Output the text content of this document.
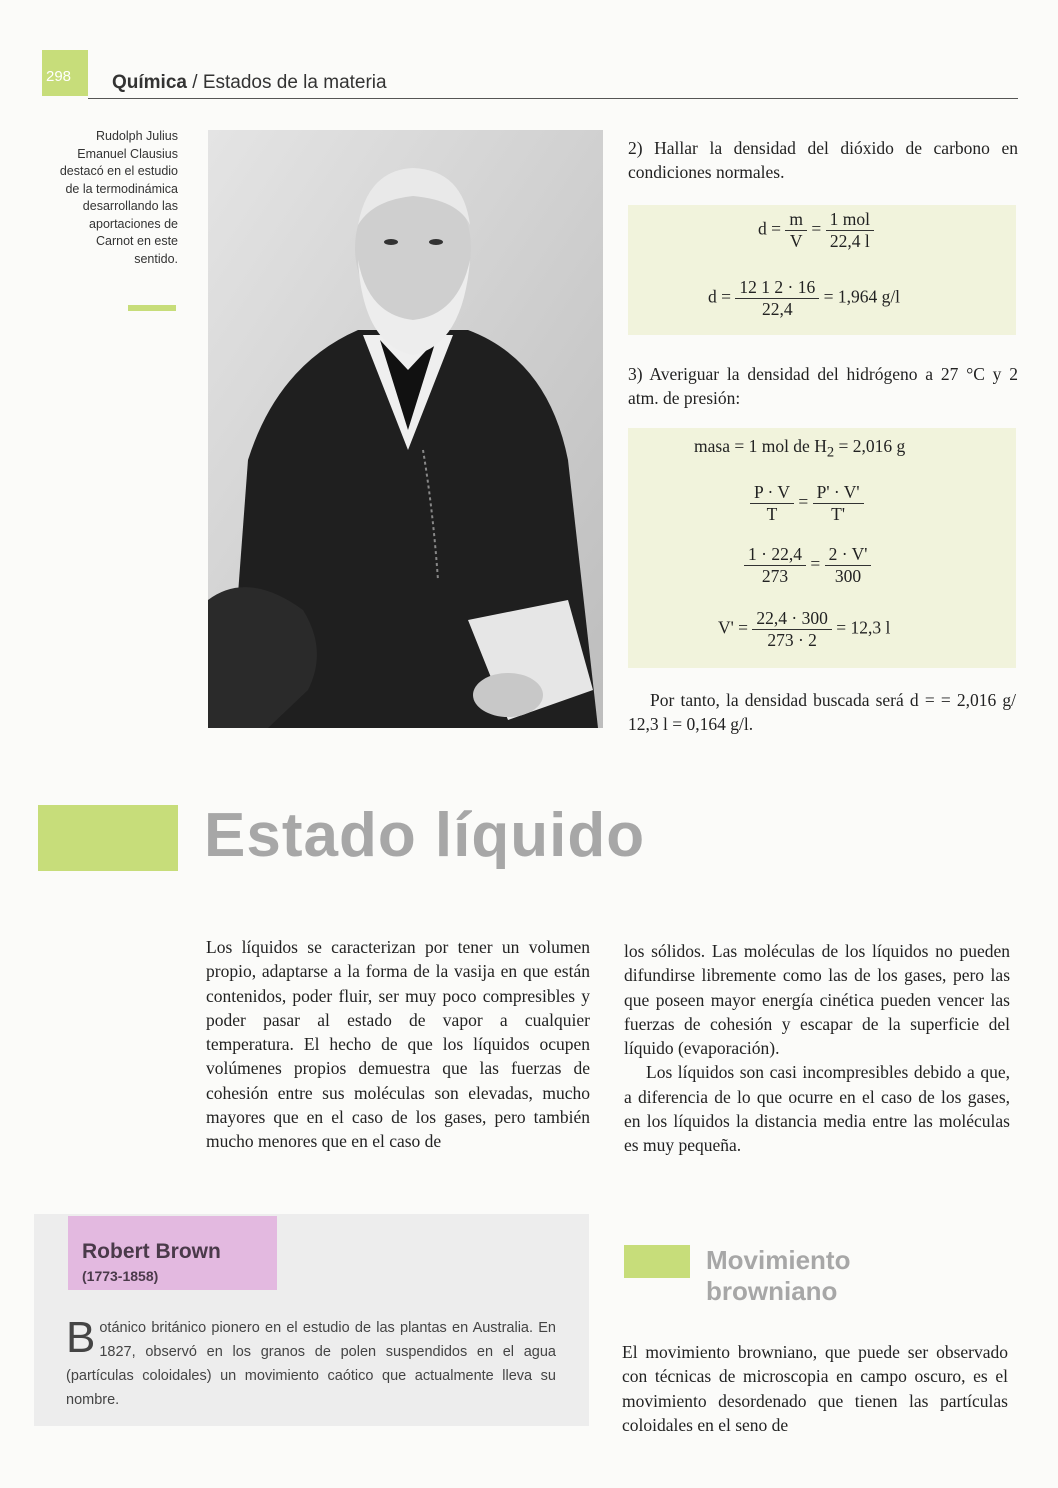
298 Química / Estados de la materia
Rudolph Julius Emanuel Clausius destacó en el estudio de la termodinámica desarrollando las aportaciones de Carnot en este sentido.
2) Hallar la densidad del dióxido de carbono en condiciones normales.
$d = \frac{m}{V} = \frac{\text{1 mol}}{22,4 l}$
$d = \frac{12 1 2 \cdot 16}{22,4} = 1,964$ g/l
3) Averiguar la densidad del hidrógeno a 27 °C y 2 atm. de presión:
masa = 1 mol de $H_2 = 2,016$ g
$\frac{P \cdot V}{T} = \frac{P' \cdot V'}{T'}$
$\frac{1 \cdot 22,4}{273} = \frac{2 \cdot V'}{300}$
$V' = \frac{22,4 \cdot 300}{273 \cdot 2} = 12,3$ l
Por tanto, la densidad buscada será d = = 2,016 g/ 12,3 l = 0,164 g/l.
Estado líquido
Los líquidos se caracterizan por tener un volumen propio, adaptarse a la forma de la vasija en que están contenidos, poder fluir, ser muy poco compresibles y poder pasar al estado de vapor a cualquier temperatura. El hecho de que los líquidos ocupen volúmenes propios demuestra que las fuerzas de cohesión entre sus moléculas son elevadas, mucho mayores que en el caso de los gases, pero también mucho menores que en el caso de
los sólidos. Las moléculas de los líquidos no pueden difundirse libremente como las de los gases, pero las que poseen mayor energía cinética pueden vencer las fuerzas de cohesión y escapar de la superficie del líquido (evaporación).
Los líquidos son casi incompresibles debido a que, a diferencia de lo que ocurre en el caso de los gases, en los líquidos la distancia media entre las moléculas es muy pequeña.
Robert Brown
(1773-1858)
Botánico británico pionero en el estudio de las plantas en Australia. En 1827, observó en los granos de polen suspendidos en el agua (partículas coloidales) un movimiento caótico que actualmente lleva su nombre.
Movimiento
browniano
El movimiento browniano, que puede ser observado con técnicas de microscopia en campo oscuro, es el movimiento desordenado que tienen las partículas coloidales en el seno de
